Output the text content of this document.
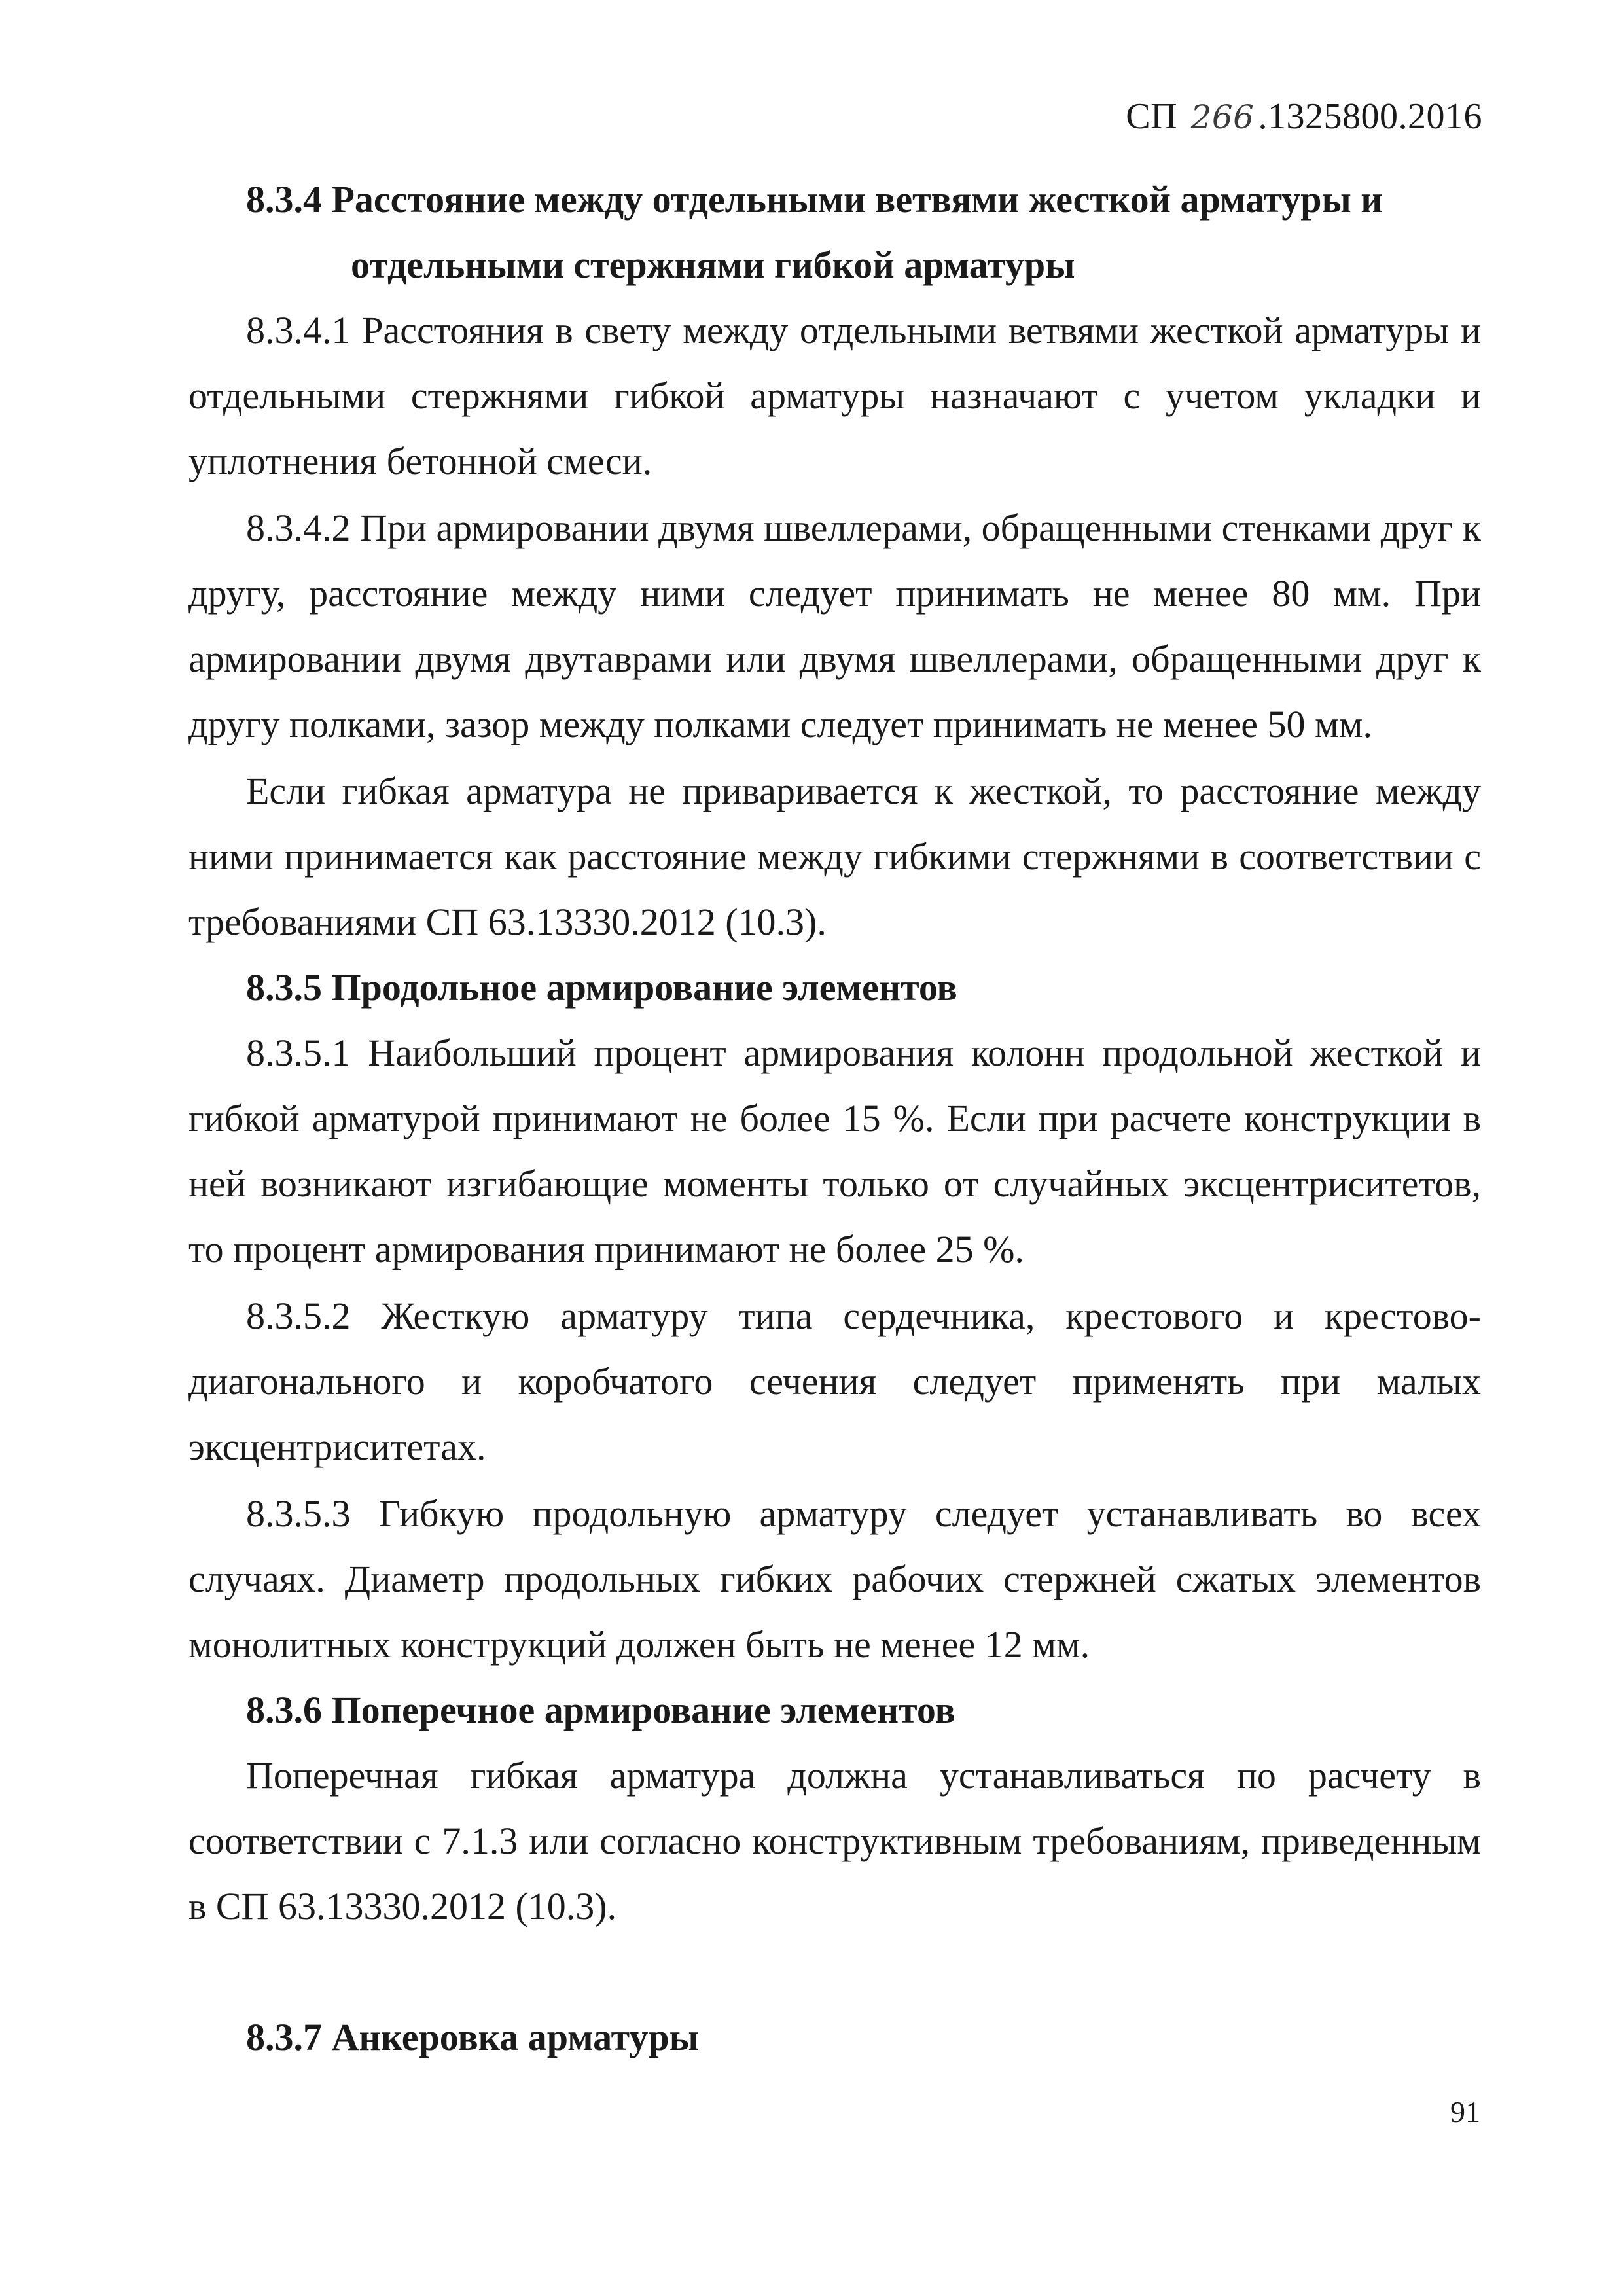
СП 266 .1325800.2016

8.3.4 Расстояние между отдельными ветвями жесткой арматуры и
отдельными стержнями гибкой арматуры

8.3.4.1 Расстояния в свету между отдельными ветвями жесткой арматуры и отдельными стержнями гибкой арматуры назначают с учетом укладки и уплотнения бетонной смеси.

8.3.4.2 При армировании двумя швеллерами, обращенными стенками друг к другу, расстояние между ними следует принимать не менее 80 мм. При армировании двумя двутаврами или двумя швеллерами, обращенными друг к другу полками, зазор между полками следует принимать не менее 50 мм.

Если гибкая арматура не приваривается к жесткой, то расстояние между ними принимается как расстояние между гибкими стержнями в соответствии с требованиями СП 63.13330.2012 (10.3).

8.3.5 Продольное армирование элементов

8.3.5.1 Наибольший процент армирования колонн продольной жесткой и гибкой арматурой принимают не более 15 %. Если при расчете конструкции в ней возникают изгибающие моменты только от случайных эксцентриситетов, то процент армирования принимают не более 25 %.

8.3.5.2 Жесткую арматуру типа сердечника, крестового и крестово-диагонального и коробчатого сечения следует применять при малых эксцентриситетах.

8.3.5.3 Гибкую продольную арматуру следует устанавливать во всех случаях. Диаметр продольных гибких рабочих стержней сжатых элементов монолитных конструкций должен быть не менее 12 мм.

8.3.6 Поперечное армирование элементов

Поперечная гибкая арматура должна устанавливаться по расчету в соответствии с 7.1.3 или согласно конструктивным требованиям, приведенным в СП 63.13330.2012 (10.3).

8.3.7 Анкеровка арматуры

91
